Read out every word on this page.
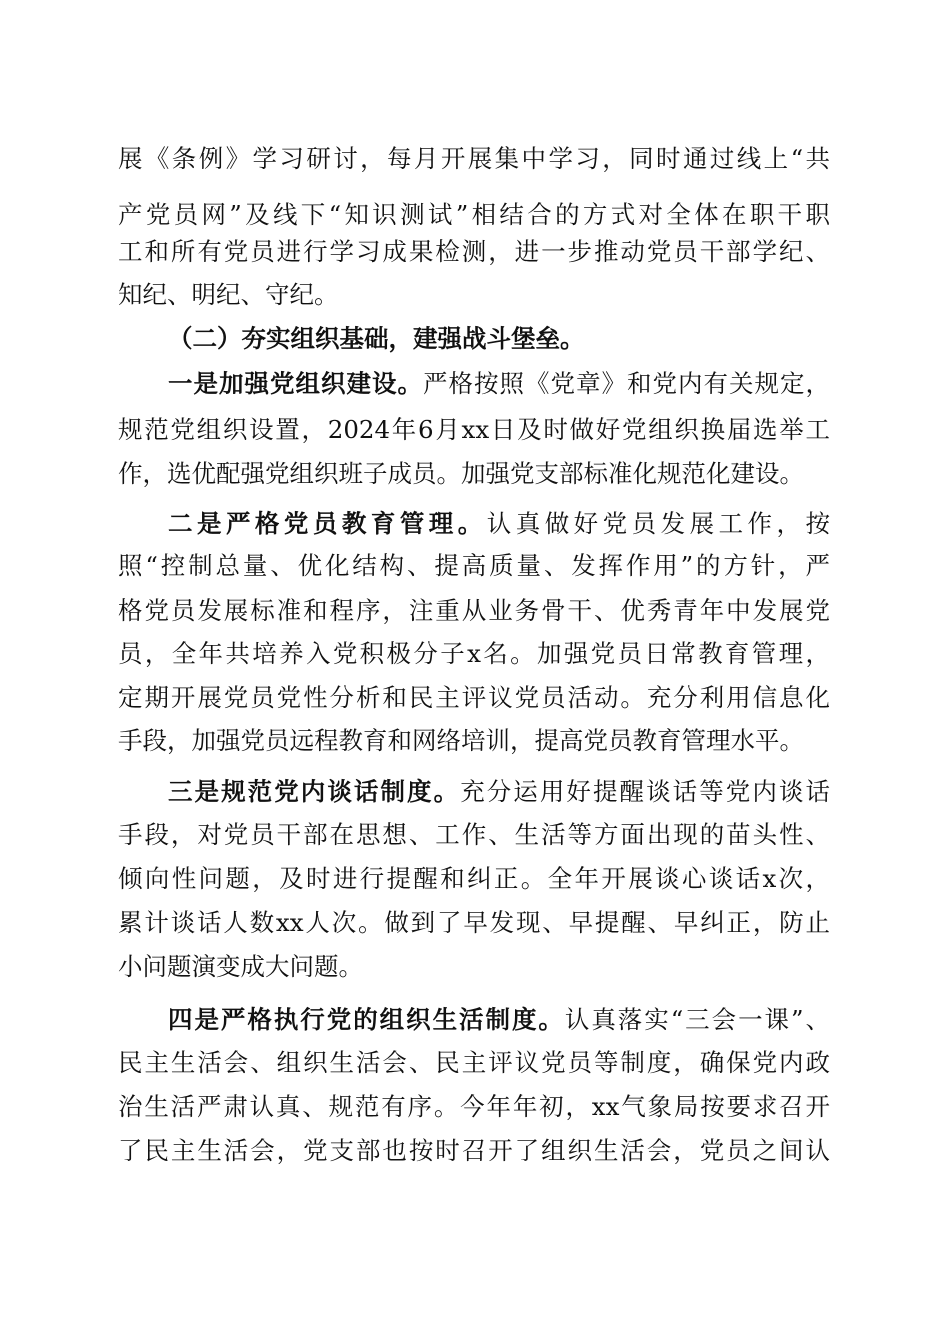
展《条例》学习研讨，每月开展集中学习，同时通过线上“共
产党员网”及线下“知识测试”相结合的方式对全体在职干职
工和所有党员进行学习成果检测，进一步推动党员干部学纪、
知纪、明纪、守纪。
（二）夯实组织基础，建强战斗堡垒。
一是加强党组织建设。严格按照《党章》和党内有关规定，
规范党组织设置，2024年6月xx日及时做好党组织换届选举工
作，选优配强党组织班子成员。加强党支部标准化规范化建设。
二是严格党员教育管理。认真做好党员发展工作，按
照“控制总量、优化结构、提高质量、发挥作用”的方针，严
格党员发展标准和程序，注重从业务骨干、优秀青年中发展党
员，全年共培养入党积极分子x名。加强党员日常教育管理，
定期开展党员党性分析和民主评议党员活动。充分利用信息化
手段，加强党员远程教育和网络培训，提高党员教育管理水平。
三是规范党内谈话制度。充分运用好提醒谈话等党内谈话
手段，对党员干部在思想、工作、生活等方面出现的苗头性、
倾向性问题，及时进行提醒和纠正。全年开展谈心谈话x次，
累计谈话人数xx人次。做到了早发现、早提醒、早纠正，防止
小问题演变成大问题。
四是严格执行党的组织生活制度。认真落实“三会一课”、
民主生活会、组织生活会、民主评议党员等制度，确保党内政
治生活严肃认真、规范有序。今年年初，xx气象局按要求召开
了民主生活会，党支部也按时召开了组织生活会，党员之间认
